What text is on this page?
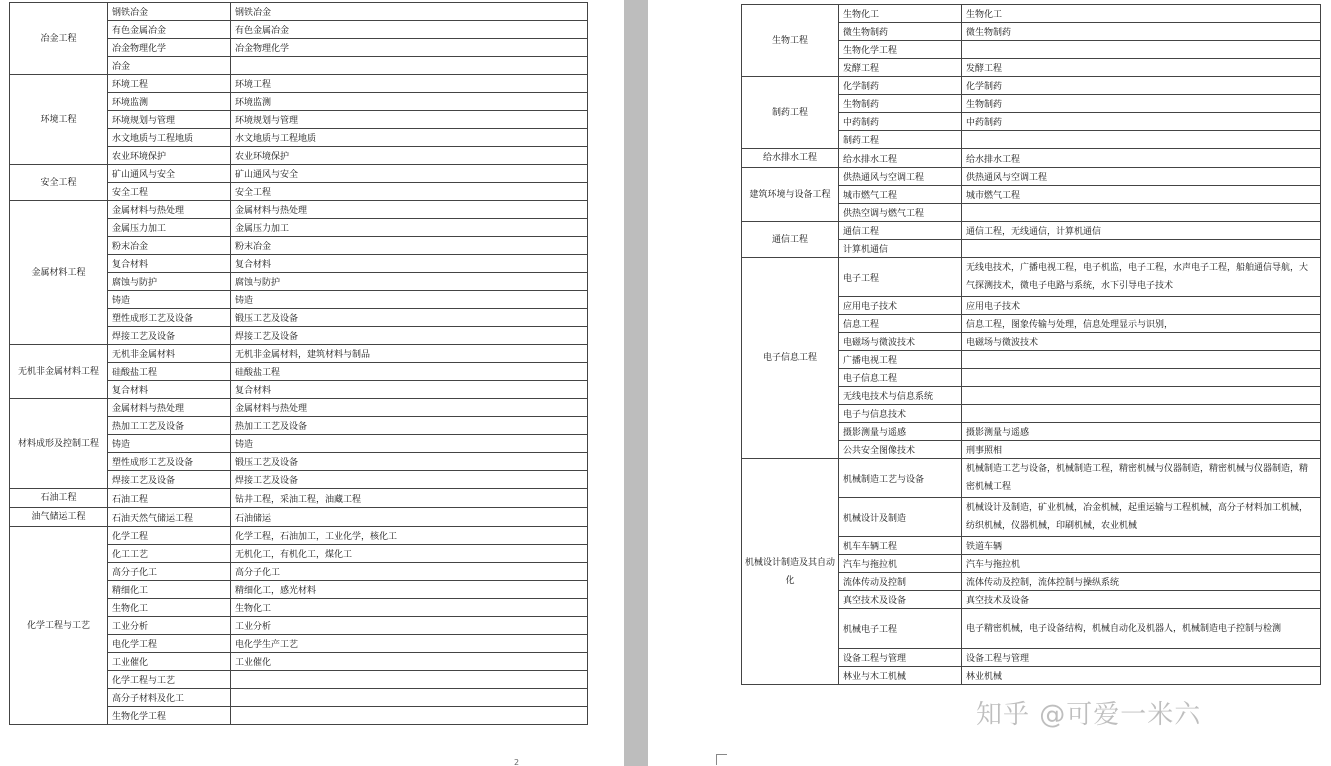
冶金工程	钢铁冶金	钢铁冶金
	有色金属冶金	有色金属冶金
	冶金物理化学	冶金物理化学
	冶金	
环境工程	环境工程	环境工程
	环境监测	环境监测
	环境规划与管理	环境规划与管理
	水文地质与工程地质	水文地质与工程地质
	农业环境保护	农业环境保护
安全工程	矿山通风与安全	矿山通风与安全
	安全工程	安全工程
金属材料工程	金属材料与热处理	金属材料与热处理
	金属压力加工	金属压力加工
	粉末冶金	粉末冶金
	复合材料	复合材料
	腐蚀与防护	腐蚀与防护
	铸造	铸造
	塑性成形工艺及设备	锻压工艺及设备
	焊接工艺及设备	焊接工艺及设备
无机非金属材料工程	无机非金属材料	无机非金属材料，建筑材料与制品
	硅酸盐工程	硅酸盐工程
	复合材料	复合材料
材料成形及控制工程	金属材料与热处理	金属材料与热处理
	热加工工艺及设备	热加工工艺及设备
	铸造	铸造
	塑性成形工艺及设备	锻压工艺及设备
	焊接工艺及设备	焊接工艺及设备
石油工程	石油工程	钻井工程，采油工程，油藏工程
油气储运工程	石油天然气储运工程	石油储运
化学工程与工艺	化学工程	化学工程，石油加工，工业化学，核化工
	化工工艺	无机化工，有机化工，煤化工
	高分子化工	高分子化工
	精细化工	精细化工，感光材料
	生物化工	生物化工
	工业分析	工业分析
	电化学工程	电化学生产工艺
	工业催化	工业催化
	化学工程与工艺	
	高分子材料及化工	
	生物化学工程	
2
生物工程	生物化工	生物化工
	微生物制药	微生物制药
	生物化学工程	
	发酵工程	发酵工程
制药工程	化学制药	化学制药
	生物制药	生物制药
	中药制药	中药制药
	制药工程	
给水排水工程	给水排水工程	给水排水工程
建筑环境与设备工程	供热通风与空调工程	供热通风与空调工程
	城市燃气工程	城市燃气工程
	供热空调与燃气工程	
通信工程	通信工程	通信工程，无线通信，计算机通信
	计算机通信	
电子信息工程	电子工程	无线电技术，广播电视工程，电子机监，电子工程，水声电子工程，船舶通信导航，大气探测技术，微电子电路与系统，水下引导电子技术
	应用电子技术	应用电子技术
	信息工程	信息工程，图象传输与处理，信息处理显示与识别，
	电磁场与微波技术	电磁场与微波技术
	广播电视工程	
	电子信息工程	
	无线电技术与信息系统	
	电子与信息技术	
	摄影测量与遥感	摄影测量与遥感
	公共安全图像技术	刑事照相
机械设计制造及其自动化	机械制造工艺与设备	机械制造工艺与设备，机械制造工程，精密机械与仪器制造，精密机械与仪器制造，精密机械工程
	机械设计及制造	机械设计及制造，矿业机械，冶金机械，起重运输与工程机械，高分子材料加工机械，纺织机械，仪器机械，印刷机械，农业机械
	机车车辆工程	铁道车辆
	汽车与拖拉机	汽车与拖拉机
	流体传动及控制	流体传动及控制，流体控制与操纵系统
	真空技术及设备	真空技术及设备
	机械电子工程	电子精密机械，电子设备结构，机械自动化及机器人，机械制造电子控制与检测
	设备工程与管理	设备工程与管理
	林业与木工机械	林业机械
知乎 @可爱一米六
